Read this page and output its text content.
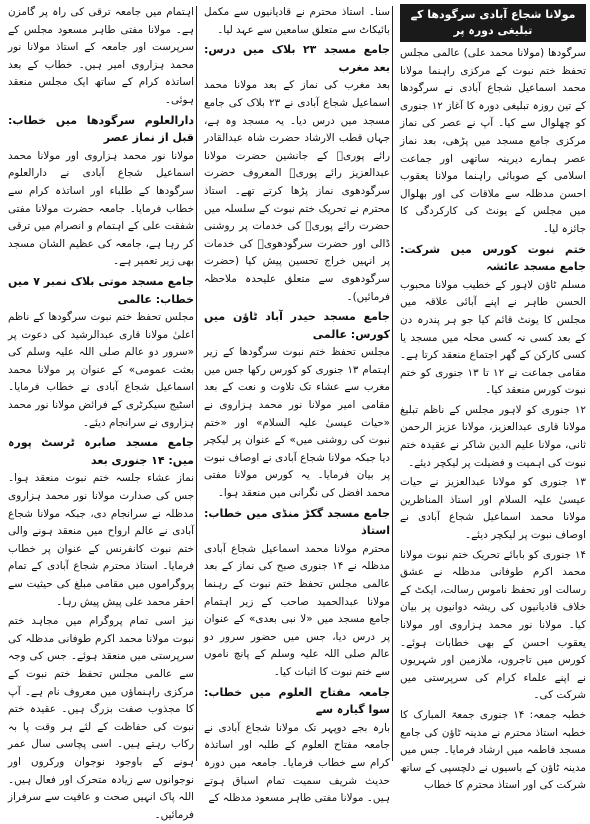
مولانا شجاع آبادی سرگودھا کے تبلیغی دورہ پر

سرگودھا (مولانا محمد علی) عالمی مجلس تحفظ ختم نبوت کے مرکزی راہنما مولانا محمد اسماعیل شجاع آبادی نے سرگودھا کے تین روزہ تبلیغی دورہ کا آغاز ۱۲ جنوری کو چھلوال سے کیا۔ آپ نے عصر کی نماز مرکزی جامع مسجد میں پڑھی، بعد نماز عصر ہمارے دیرینہ ساتھی اور جماعت اسلامی کے صوبائی راہنما مولانا یعقوب احسن مدظلہ سے ملاقات کی اور بھلوال میں مجلس کے یونٹ کی کارکردگی کا جائزہ لیا۔

ختم نبوت کورس میں شرکت: جامع مسجد عائشہ

مسلم ٹاؤن لاہور کے خطیب مولانا محبوب الحسن طاہر نے اپنے آبائی علاقہ میں مجلس کا یونٹ قائم کیا جو ہر پندرہ دن کے بعد کسی نہ کسی محلہ میں مسجد یا کسی کارکن کے گھر اجتماع منعقد کرتا ہے۔ مقامی جماعت نے ۱۲ تا ۱۳ جنوری کو ختم نبوت کورس منعقد کیا۔

۱۲ جنوری کو لاہور مجلس کے ناظم تبلیغ مولانا قاری عبدالعزیز، مولانا عزیز الرحمن ثانی، مولانا علیم الدین شاکر نے عقیدہ ختم نبوت کی اہمیت و فضیلت پر لیکچر دیئے۔

۱۳ جنوری کو مولانا عبدالعزیز نے حیات عیسیٰ علیہ السلام اور استاذ المناظرین مولانا محمد اسماعیل شجاع آبادی نے اوصاف نبوت پر لیکچر دیئے۔

۱۴ جنوری کو بابائے تحریک ختم نبوت مولانا محمد اکرم طوفانی مدظلہ نے عشق رسالت اور تحفظ ناموس رسالت، ایکٹ کے خلاف قادیانیوں کی ریشہ دوانیوں پر بیان کیا۔ مولانا نور محمد ہزاروی اور مولانا یعقوب احسن کے بھی خطابات ہوئے۔ کورس میں تاجروں، ملازمین اور شہریوں نے اپنے علماء کرام کی سرپرستی میں شرکت کی۔

خطبہ جمعہ: ۱۴ جنوری جمعۃ المبارک کا خطبہ استاذ محترم نے مدینہ ٹاؤن کی جامع مسجد فاطمہ میں ارشاد فرمایا۔ جس میں مدینہ ٹاؤن کے باسیوں نے دلچسپی کے ساتھ شرکت کی اور استاذ محترم کا خطاب

سنا۔ استاذ محترم نے قادیانیوں سے مکمل بائیکاٹ سے متعلق سامعین سے عہد لیا۔

جامع مسجد ۲۳ بلاک میں درس: بعد مغرب

بعد مغرب کی نماز کے بعد مولانا محمد اسماعیل شجاع آبادی نے ۲۳ بلاک کی جامع مسجد میں درس دیا۔ یہ مسجد وہ ہے، جہاں قطب الارشاد حضرت شاہ عبدالقادر رائے پوریؒ کے جانشین حضرت مولانا عبدالعزیز رائے پوریؒ المعروف حضرت سرگودھوی نماز پڑھا کرتے تھے۔ استاذ محترم نے تحریک ختم نبوت کے سلسلہ میں حضرت رائے پوریؒ کی خدمات پر روشنی ڈالی اور حضرت سرگودھویؒ کی خدمات پر انہیں خراج تحسین پیش کیا (حضرت سرگودھوی سے متعلق علیحدہ ملاحظہ فرمائیں)۔

جامع مسجد حیدر آباد ٹاؤن میں کورس: عالمی

مجلس تحفظ ختم نبوت سرگودھا کے زیر اہتمام ۱۳ جنوری کو کورس رکھا جس میں مغرب سے عشاء تک تلاوت و نعت کے بعد مقامی امیر مولانا نور محمد ہزاروی نے «حیات عیسیٰ علیہ السلام» اور «ختم نبوت کی روشنی میں» کے عنوان پر لیکچر دیا جبکہ مولانا شجاع آبادی نے اوصاف نبوت پر بیان فرمایا۔ یہ کورس مولانا مفتی محمد افضل کی نگرانی میں منعقد ہوا۔

جامع مسجد گکڑ منڈی میں خطاب: استاذ

محترم مولانا محمد اسماعیل شجاع آبادی مدظلہ نے ۱۴ جنوری صبح کی نماز کے بعد عالمی مجلس تحفظ ختم نبوت کے رہنما مولانا عبدالحمید صاحب کے زیر اہتمام جامع مسجد میں «لا نبی بعدی» کے عنوان پر درس دیا، جس میں حضور سرور دو عالم صلی اللہ علیہ وسلم کے پانچ ناموں سے ختم نبوت کا اثبات کیا۔

جامعہ مفتاح العلوم میں خطاب: سوا گیارہ سے

بارہ بجے دوپہر تک مولانا شجاع آبادی نے جامعہ مفتاح العلوم کے طلبہ اور اساتذہ کرام سے خطاب فرمایا۔ جامعہ میں دورہ حدیث شریف سمیت تمام اسباق ہوتے ہیں۔ مولانا مفتی طاہر مسعود مدظلہ کے

اہتمام میں جامعہ ترقی کی راہ پر گامزن ہے۔ مولانا مفتی طاہر مسعود مجلس کے سرپرست اور جامعہ کے استاذ مولانا نور محمد ہزاروی امیر ہیں۔ خطاب کے بعد اساتذہ کرام کے ساتھ ایک مجلس منعقد ہوئی۔

دارالعلوم سرگودھا میں خطاب: قبل از نماز عصر

مولانا نور محمد ہزاروی اور مولانا محمد اسماعیل شجاع آبادی نے دارالعلوم سرگودھا کے طلباء اور اساتذہ کرام سے خطاب فرمایا۔ جامعہ حضرت مولانا مفتی شفقت علی کے اہتمام و انصرام میں ترقی کر رہا ہے، جامعہ کی عظیم الشان مسجد بھی زیر تعمیر ہے۔

جامع مسجد موتی بلاک نمبر ۷ میں خطاب: عالمی

مجلس تحفظ ختم نبوت سرگودھا کے ناظم اعلیٰ مولانا قاری عبدالرشید کی دعوت پر «سرور دو عالم صلی اللہ علیہ وسلم کی بعثت عمومی» کے عنوان پر مولانا محمد اسماعیل شجاع آبادی نے خطاب فرمایا۔ اسٹیج سیکرٹری کے فرائض مولانا نور محمد ہزاروی نے سرانجام دیئے۔

جامع مسجد صابرہ ٹرسٹ پورہ میں: ۱۴ جنوری بعد

نماز عشاء جلسہ ختم نبوت منعقد ہوا۔ جس کی صدارت مولانا نور محمد ہزاروی مدظلہ نے سرانجام دی، جبکہ مولانا شجاع آبادی نے عالم ارواح میں منعقد ہونے والی ختم نبوت کانفرنس کے عنوان پر خطاب فرمایا۔ استاذ محترم شجاع آبادی کے تمام پروگراموں میں مقامی مبلغ کی حیثیت سے احقر محمد علی پیش پیش رہا۔

نیز اسی تمام پروگرام میں مجاہد ختم نبوت مولانا محمد اکرم طوفانی مدظلہ کی سرپرستی میں منعقد ہوئے۔ جس کی وجہ سے عالمی مجلس تحفظ ختم نبوت کے مرکزی راہنماؤں میں معروف نام ہے۔ آپ کا مجذوب صفت بزرگ ہیں۔ عقیدہ ختم نبوت کی حفاظت کے لئے ہر وقت پا بہ رکاب رہتے ہیں۔ اسی پچاسی سال عمر ہونے کے باوجود نوجوان ورکروں اور نوجوانوں سے زیادہ متحرک اور فعال ہیں۔ اللہ پاک انہیں صحت و عافیت سے سرفراز فرمائیں۔
